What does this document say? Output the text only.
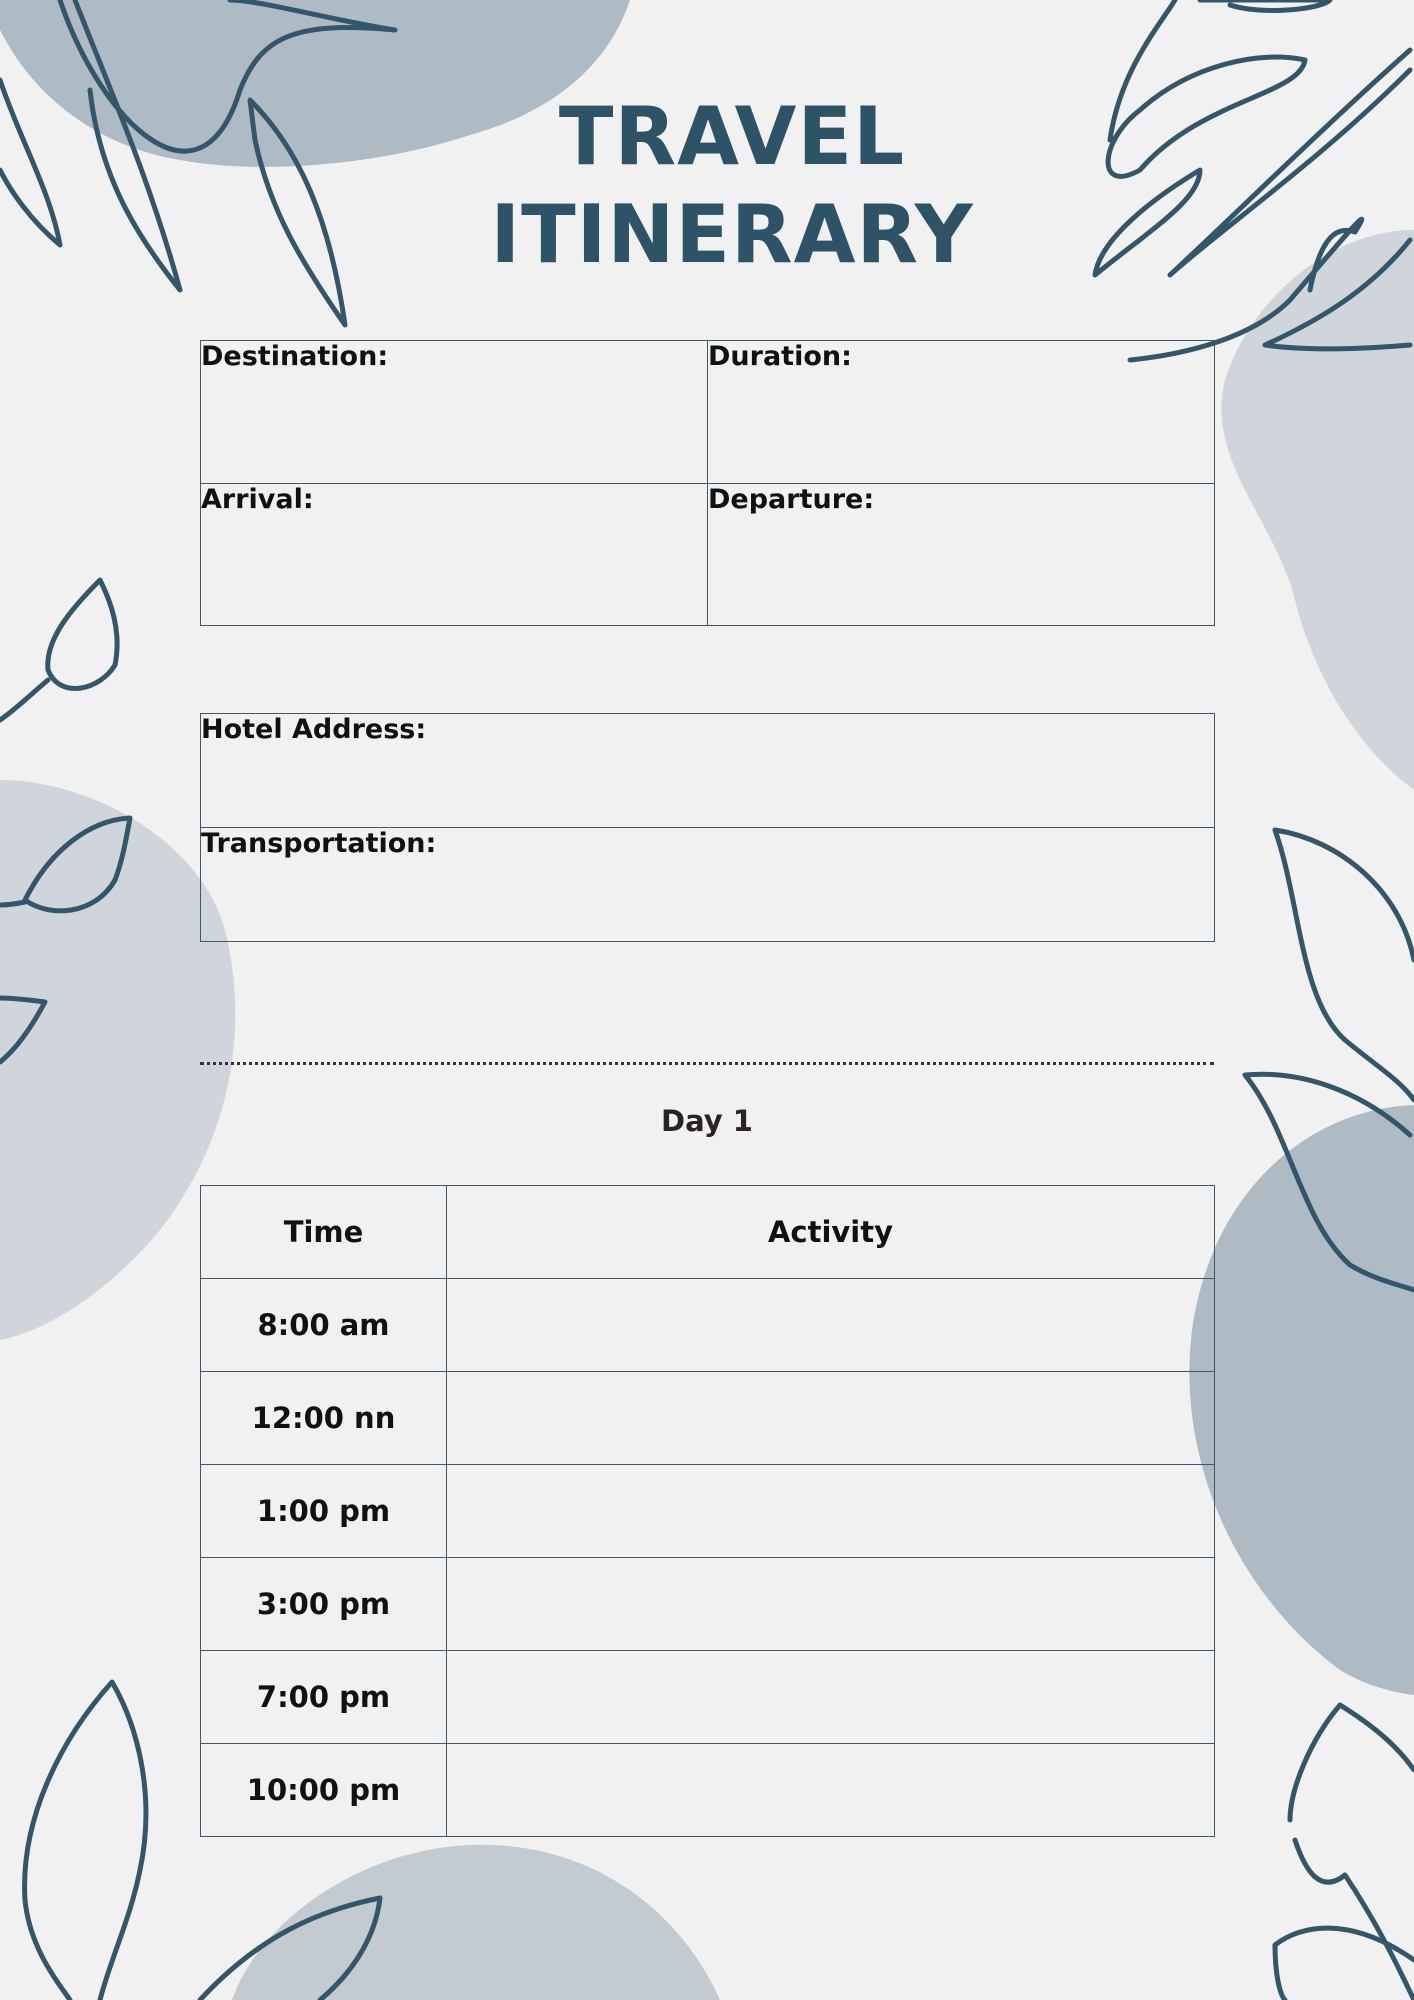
TRAVEL
ITINERARY
Destination:	Duration:
Arrival:	Departure:
Hotel Address:
Transportation:
Day 1
Time	Activity
8:00 am	
12:00 nn	
1:00 pm	
3:00 pm	
7:00 pm	
10:00 pm	
